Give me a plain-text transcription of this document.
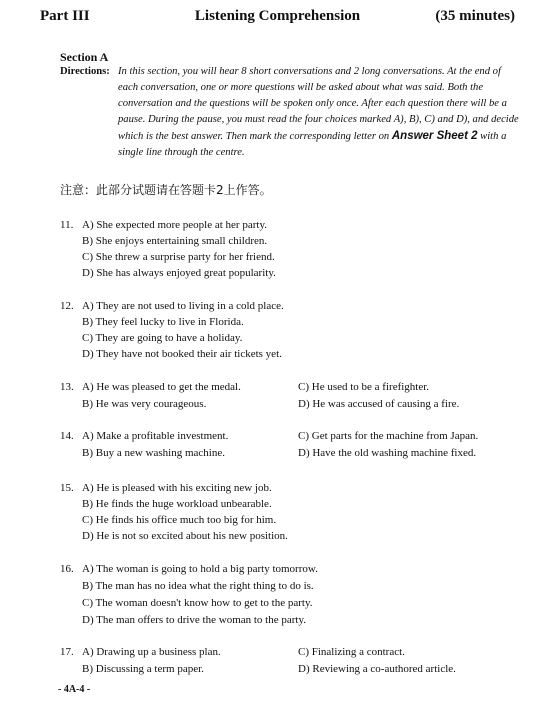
Part III	Listening Comprehension	(35 minutes)
Section A
Directions: In this section, you will hear 8 short conversations and 2 long conversations. At the end of each conversation, one or more questions will be asked about what was said. Both the conversation and the questions will be spoken only once. After each question there will be a pause. During the pause, you must read the four choices marked A), B), C) and D), and decide which is the best answer. Then mark the corresponding letter on Answer Sheet 2 with a single line through the centre.
注意：此部分试题请在答题卡2上作答。
11. A) She expected more people at her party.
B) She enjoys entertaining small children.
C) She threw a surprise party for her friend.
D) She has always enjoyed great popularity.
12. A) They are not used to living in a cold place.
B) They feel lucky to live in Florida.
C) They are going to have a holiday.
D) They have not booked their air tickets yet.
13. A) He was pleased to get the medal.
B) He was very courageous.
C) He used to be a firefighter.
D) He was accused of causing a fire.
14. A) Make a profitable investment.
B) Buy a new washing machine.
C) Get parts for the machine from Japan.
D) Have the old washing machine fixed.
15. A) He is pleased with his exciting new job.
B) He finds the huge workload unbearable.
C) He finds his office much too big for him.
D) He is not so excited about his new position.
16. A) The woman is going to hold a big party tomorrow.
B) The man has no idea what the right thing to do is.
C) The woman doesn't know how to get to the party.
D) The man offers to drive the woman to the party.
17. A) Drawing up a business plan.
B) Discussing a term paper.
C) Finalizing a contract.
D) Reviewing a co-authored article.
- 4A-4 -
